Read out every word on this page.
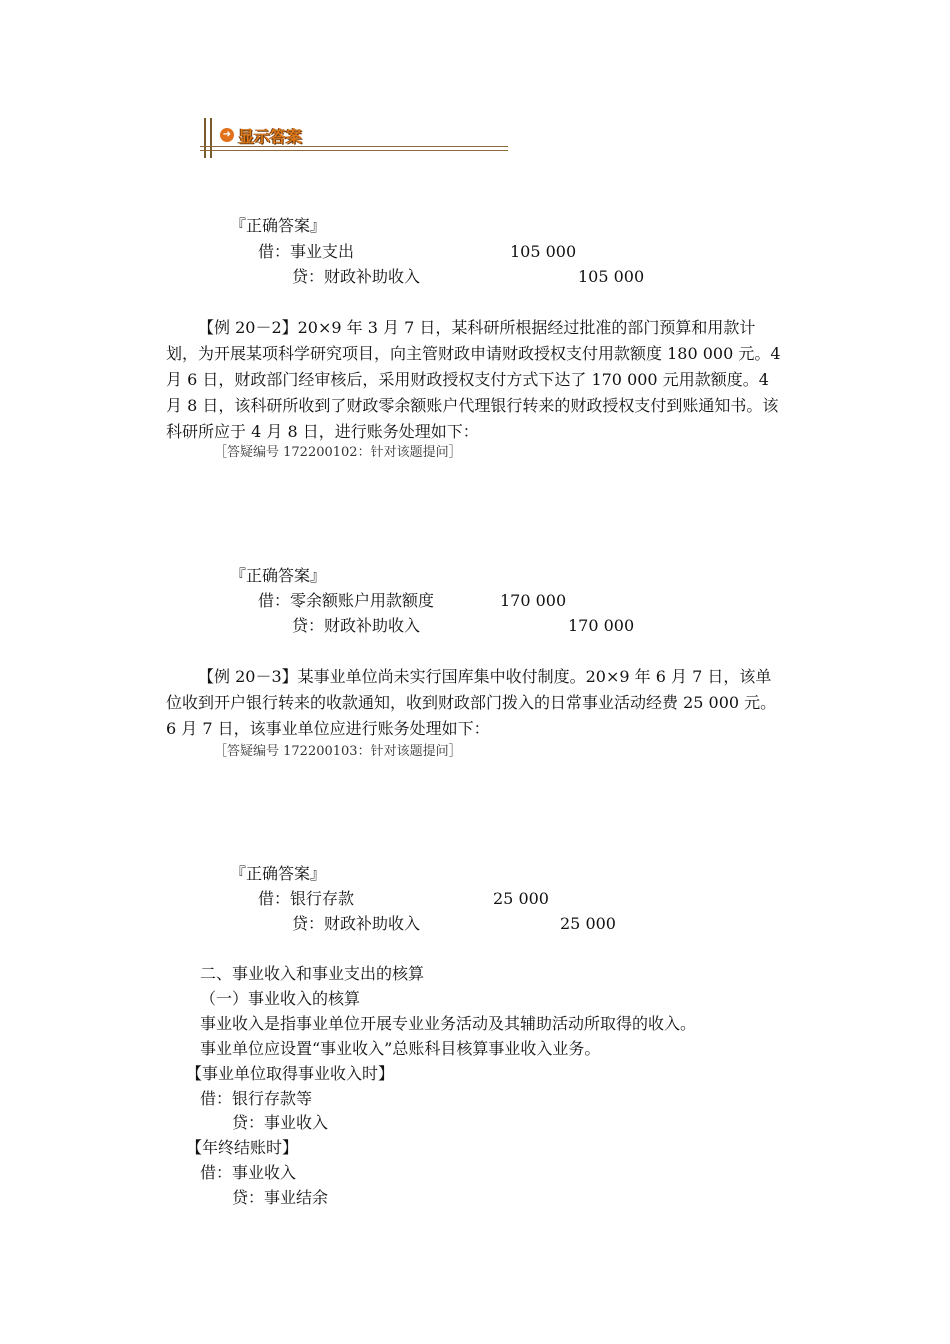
➜ 显示答案
『正确答案』
借：事业支出	105 000
贷：财政补助收入	105 000
【例 20－2】20×9 年 3 月 7 日，某科研所根据经过批准的部门预算和用款计划，为开展某项科学研究项目，向主管财政申请财政授权支付用款额度 180 000 元。4 月 6 日，财政部门经审核后，采用财政授权支付方式下达了 170 000 元用款额度。4 月 8 日，该科研所收到了财政零余额账户代理银行转来的财政授权支付到账通知书。该科研所应于 4 月 8 日，进行账务处理如下：
［答疑编号 172200102：针对该题提问］
『正确答案』
借：零余额账户用款额度	170 000
贷：财政补助收入	170 000
【例 20－3】某事业单位尚未实行国库集中收付制度。20×9 年 6 月 7 日，该单位收到开户银行转来的收款通知，收到财政部门拨入的日常事业活动经费 25 000 元。6 月 7 日，该事业单位应进行账务处理如下：
［答疑编号 172200103：针对该题提问］
『正确答案』
借：银行存款	25 000
贷：财政补助收入	25 000
二、事业收入和事业支出的核算
（一）事业收入的核算
事业收入是指事业单位开展专业业务活动及其辅助活动所取得的收入。
事业单位应设置“事业收入”总账科目核算事业收入业务。
【事业单位取得事业收入时】
借：银行存款等
贷：事业收入
【年终结账时】
借：事业收入
贷：事业结余
